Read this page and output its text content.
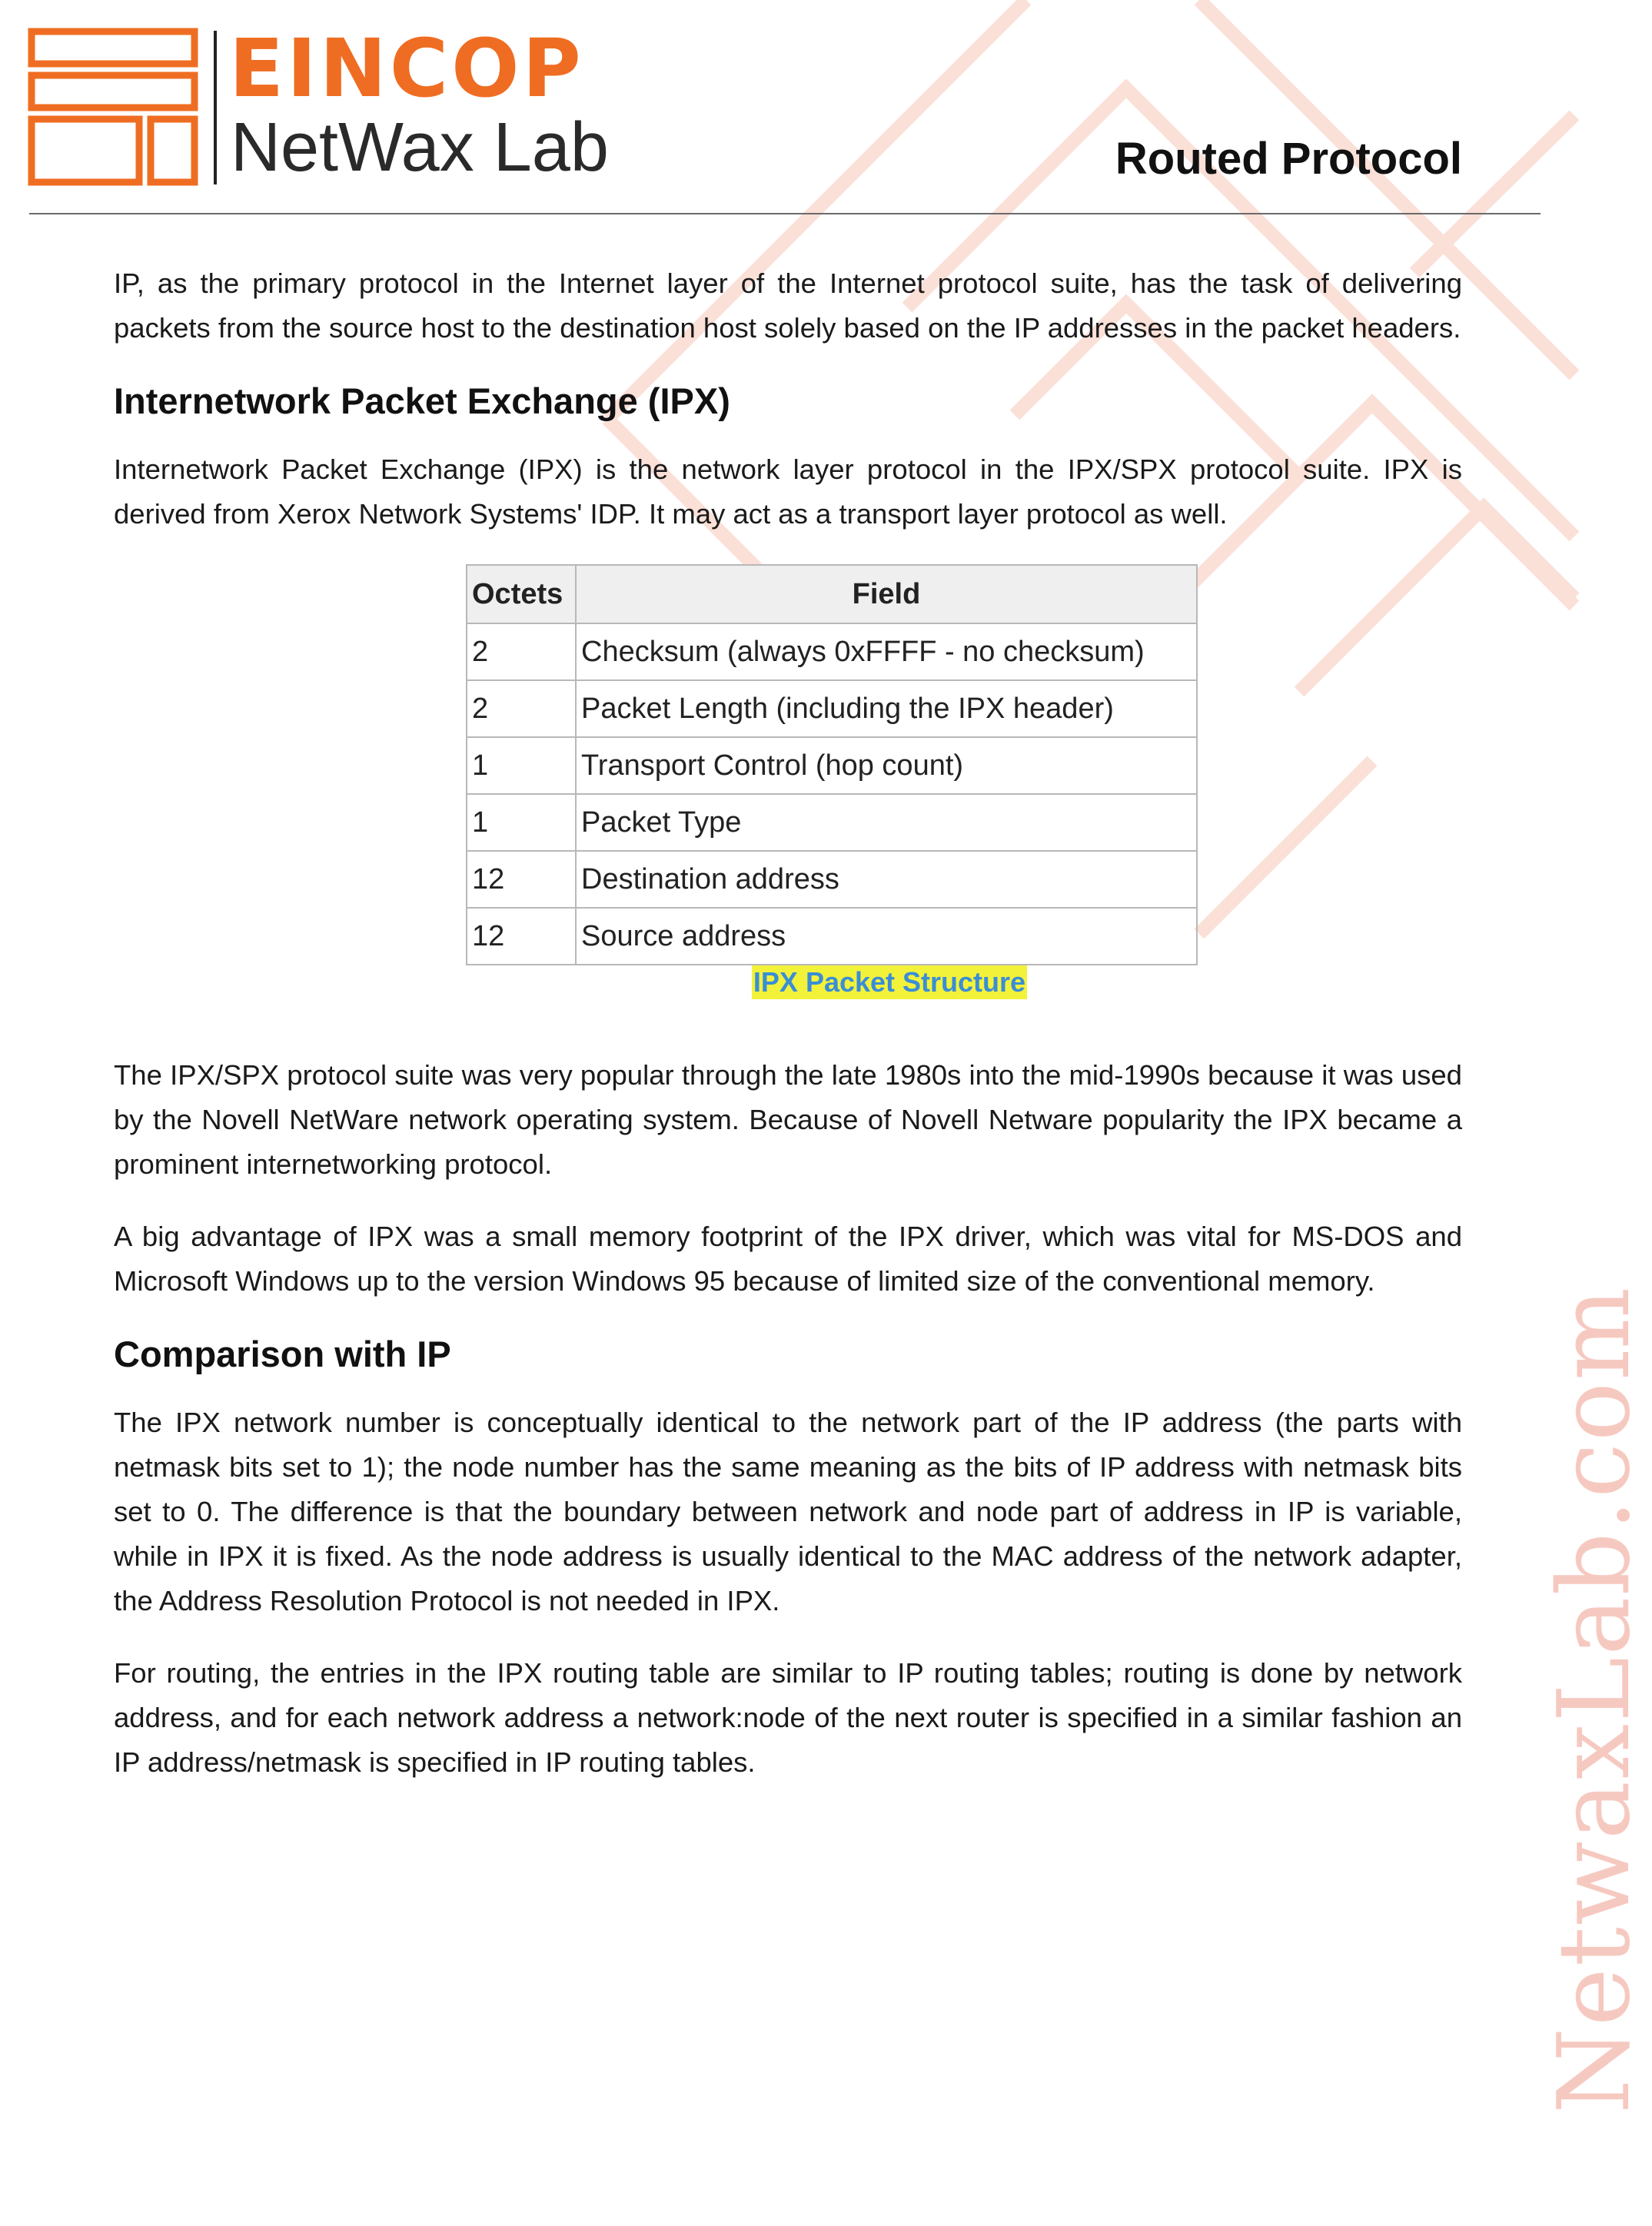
EINCOP
NetWax Lab	Routed Protocol

IP, as the primary protocol in the Internet layer of the Internet protocol suite, has the task of delivering packets from the source host to the destination host solely based on the IP addresses in the packet headers.

Internetwork Packet Exchange (IPX)

Internetwork Packet Exchange (IPX) is the network layer protocol in the IPX/SPX protocol suite. IPX is derived from Xerox Network Systems' IDP. It may act as a transport layer protocol as well.

Octets	Field
2	Checksum (always 0xFFFF - no checksum)
2	Packet Length (including the IPX header)
1	Transport Control (hop count)
1	Packet Type
12	Destination address
12	Source address
IPX Packet Structure

The IPX/SPX protocol suite was very popular through the late 1980s into the mid-1990s because it was used by the Novell NetWare network operating system. Because of Novell Netware popularity the IPX became a prominent internetworking protocol.

A big advantage of IPX was a small memory footprint of the IPX driver, which was vital for MS-DOS and Microsoft Windows up to the version Windows 95 because of limited size of the conventional memory.

Comparison with IP

The IPX network number is conceptually identical to the network part of the IP address (the parts with netmask bits set to 1); the node number has the same meaning as the bits of IP address with netmask bits set to 0. The difference is that the boundary between network and node part of address in IP is variable, while in IPX it is fixed. As the node address is usually identical to the MAC address of the network adapter, the Address Resolution Protocol is not needed in IPX.

For routing, the entries in the IPX routing table are similar to IP routing tables; routing is done by network address, and for each network address a network:node of the next router is specified in a similar fashion an IP address/netmask is specified in IP routing tables.	NetwaxLab.com
